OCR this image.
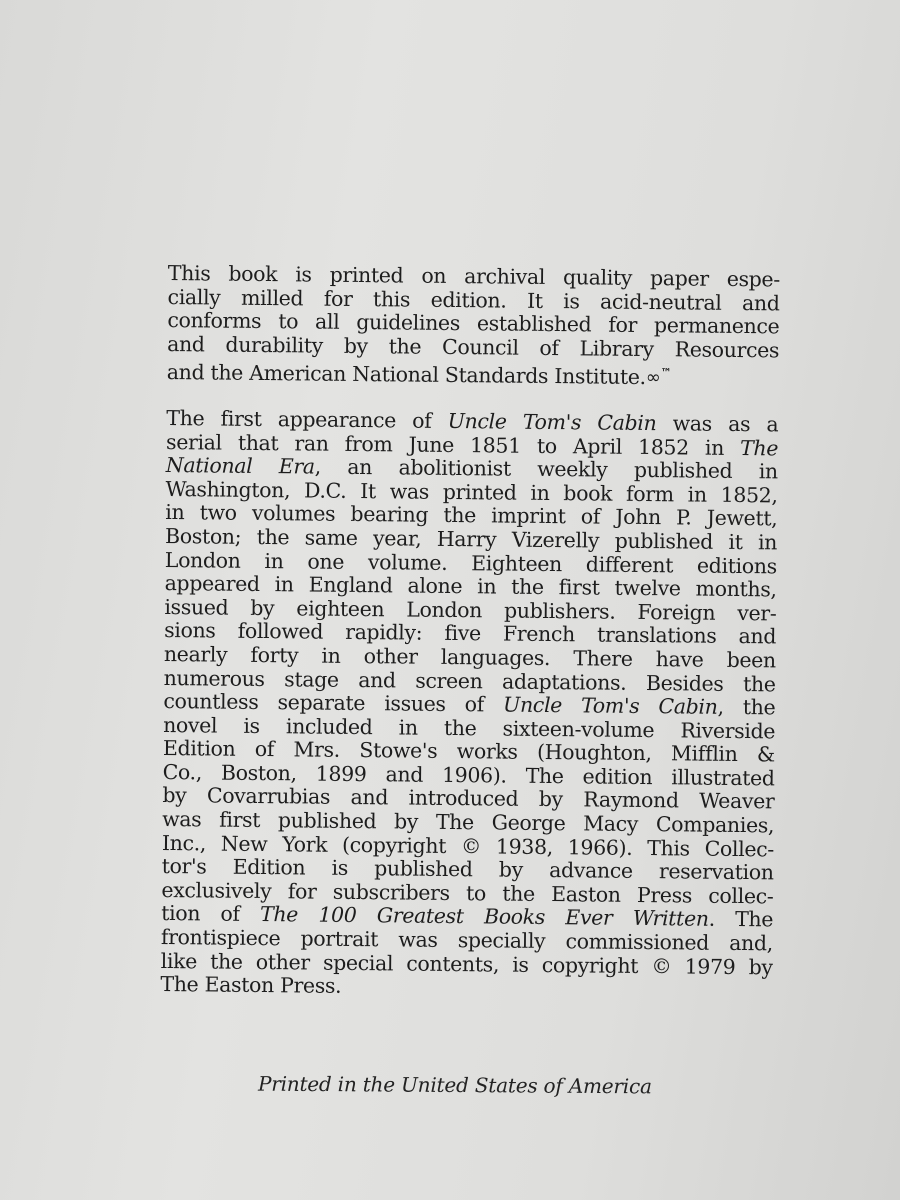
This book is printed on archival quality paper espe-
cially milled for this edition. It is acid-neutral and
conforms to all guidelines established for permanence
and durability by the Council of Library Resources
and the American National Standards Institute.∞™
The first appearance of Uncle Tom's Cabin was as a
serial that ran from June 1851 to April 1852 in The
National Era, an abolitionist weekly published in
Washington, D.C. It was printed in book form in 1852,
in two volumes bearing the imprint of John P. Jewett,
Boston; the same year, Harry Vizerelly published it in
London in one volume. Eighteen different editions
appeared in England alone in the first twelve months,
issued by eighteen London publishers. Foreign ver-
sions followed rapidly: five French translations and
nearly forty in other languages. There have been
numerous stage and screen adaptations. Besides the
countless separate issues of Uncle Tom's Cabin, the
novel is included in the sixteen-volume Riverside
Edition of Mrs. Stowe's works (Houghton, Mifflin &
Co., Boston, 1899 and 1906). The edition illustrated
by Covarrubias and introduced by Raymond Weaver
was first published by The George Macy Companies,
Inc., New York (copyright © 1938, 1966). This Collec-
tor's Edition is published by advance reservation
exclusively for subscribers to the Easton Press collec-
tion of The 100 Greatest Books Ever Written. The
frontispiece portrait was specially commissioned and,
like the other special contents, is copyright © 1979 by
The Easton Press.
Printed in the United States of America
